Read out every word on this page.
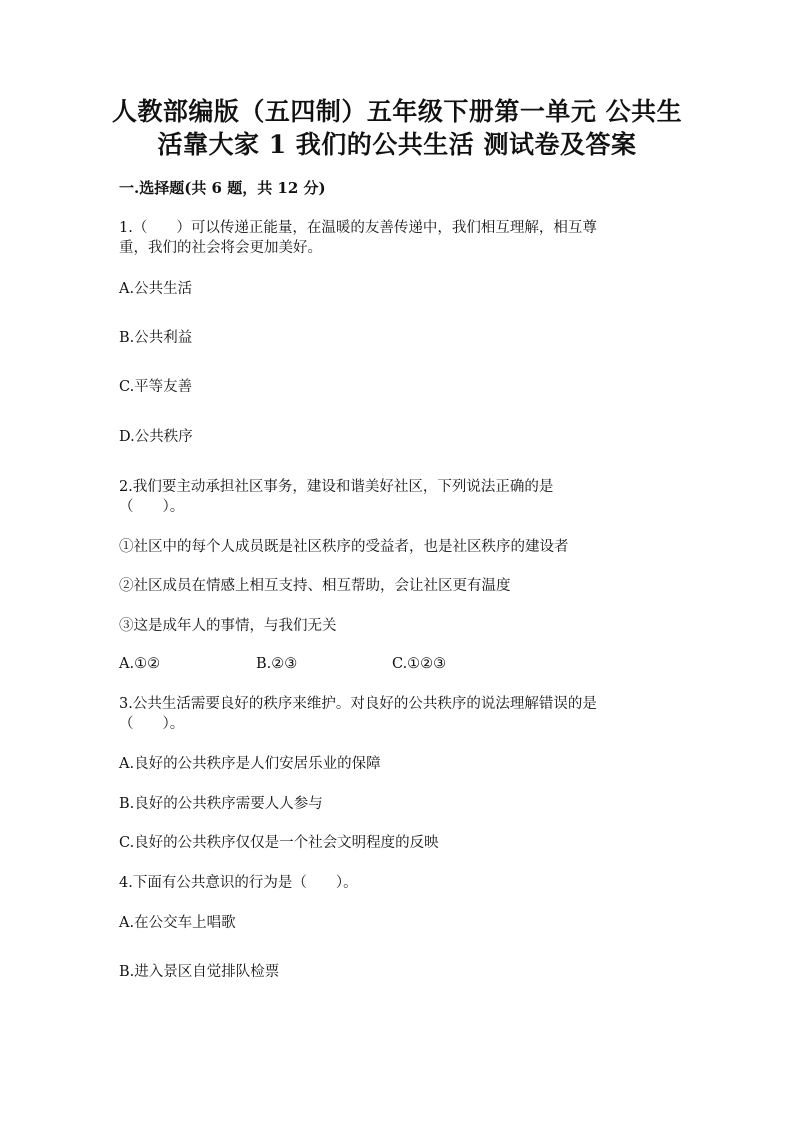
人教部编版（五四制）五年级下册第一单元 公共生
活靠大家 1 我们的公共生活 测试卷及答案
一.选择题(共 6 题，共 12 分)
1.（　　）可以传递正能量，在温暖的友善传递中，我们相互理解，相互尊
重，我们的社会将会更加美好。
A.公共生活
B.公共利益
C.平等友善
D.公共秩序
2.我们要主动承担社区事务，建设和谐美好社区，下列说法正确的是
（　　）。
①社区中的每个人成员既是社区秩序的受益者，也是社区秩序的建设者
②社区成员在情感上相互支持、相互帮助，会让社区更有温度
③这是成年人的事情，与我们无关
A.①②	B.②③	C.①②③
3.公共生活需要良好的秩序来维护。对良好的公共秩序的说法理解错误的是
（　　）。
A.良好的公共秩序是人们安居乐业的保障
B.良好的公共秩序需要人人参与
C.良好的公共秩序仅仅是一个社会文明程度的反映
4.下面有公共意识的行为是（　　）。
A.在公交车上唱歌
B.进入景区自觉排队检票
